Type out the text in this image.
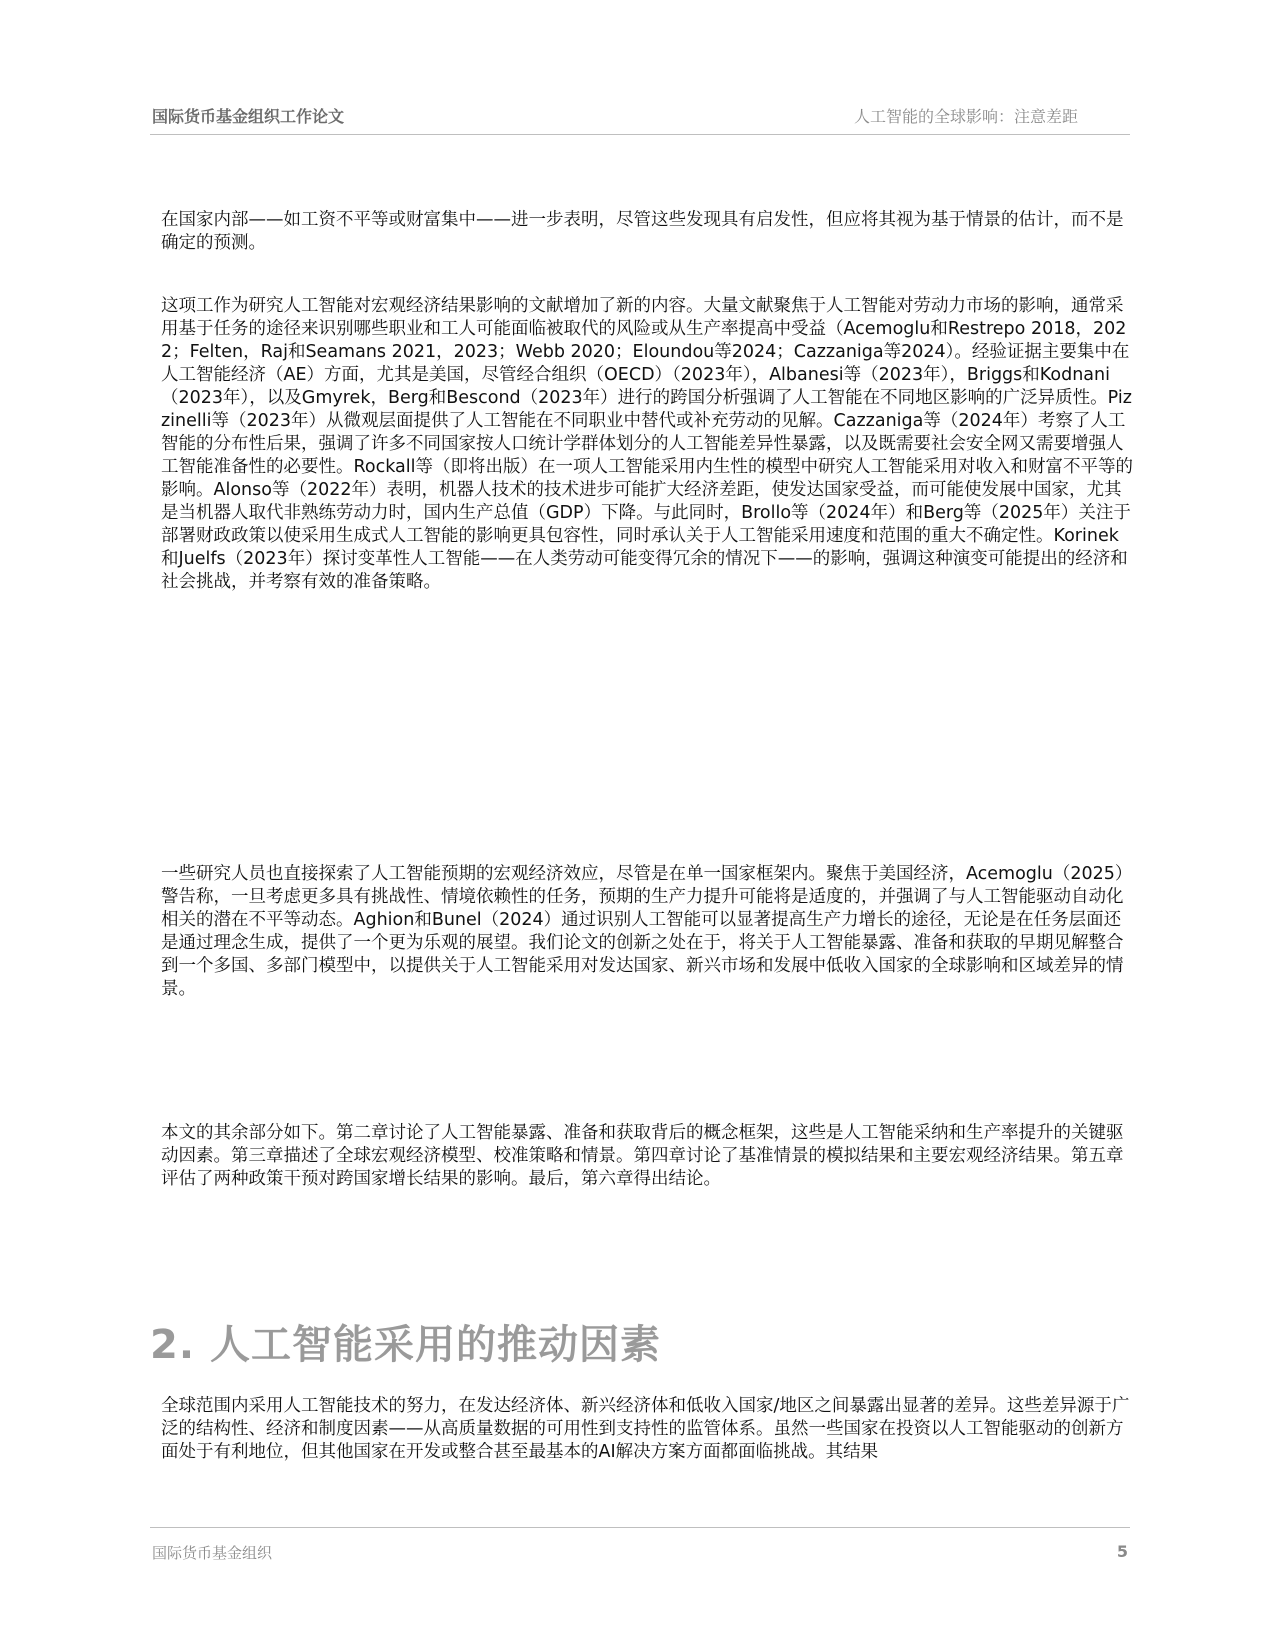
国际货币基金组织工作论文	人工智能的全球影响：注意差距

在国家内部——如工资不平等或财富集中——进一步表明，尽管这些发现具有启发性，但应将其视为基于情景的估计，而不是确定的预测。

这项工作为研究人工智能对宏观经济结果影响的文献增加了新的内容。大量文献聚焦于人工智能对劳动力市场的影响，通常采用基于任务的途径来识别哪些职业和工人可能面临被取代的风险或从生产率提高中受益（Acemoglu和Restrepo 2018，2022；Felten，Raj和Seamans 2021，2023；Webb 2020；Eloundou等2024；Cazzaniga等2024）。经验证据主要集中在人工智能经济（AE）方面，尤其是美国，尽管经合组织（OECD）（2023年），Albanesi等（2023年），Briggs和Kodnani（2023年），以及Gmyrek，Berg和Bescond（2023年）进行的跨国分析强调了人工智能在不同地区影响的广泛异质性。Pizzinelli等（2023年）从微观层面提供了人工智能在不同职业中替代或补充劳动的见解。Cazzaniga等（2024年）考察了人工智能的分布性后果，强调了许多不同国家按人口统计学群体划分的人工智能差异性暴露，以及既需要社会安全网又需要增强人工智能准备性的必要性。Rockall等（即将出版）在一项人工智能采用内生性的模型中研究人工智能采用对收入和财富不平等的影响。Alonso等（2022年）表明，机器人技术的技术进步可能扩大经济差距，使发达国家受益，而可能使发展中国家，尤其是当机器人取代非熟练劳动力时，国内生产总值（GDP）下降。与此同时，Brollo等（2024年）和Berg等（2025年）关注于部署财政政策以使采用生成式人工智能的影响更具包容性，同时承认关于人工智能采用速度和范围的重大不确定性。Korinek和Juelfs（2023年）探讨变革性人工智能——在人类劳动可能变得冗余的情况下——的影响，强调这种演变可能提出的经济和社会挑战，并考察有效的准备策略。

一些研究人员也直接探索了人工智能预期的宏观经济效应，尽管是在单一国家框架内。聚焦于美国经济，Acemoglu（2025）警告称，一旦考虑更多具有挑战性、情境依赖性的任务，预期的生产力提升可能将是适度的，并强调了与人工智能驱动自动化相关的潜在不平等动态。Aghion和Bunel（2024）通过识别人工智能可以显著提高生产力增长的途径，无论是在任务层面还是通过理念生成，提供了一个更为乐观的展望。我们论文的创新之处在于，将关于人工智能暴露、准备和获取的早期见解整合到一个多国、多部门模型中，以提供关于人工智能采用对发达国家、新兴市场和发展中低收入国家的全球影响和区域差异的情景。

本文的其余部分如下。第二章讨论了人工智能暴露、准备和获取背后的概念框架，这些是人工智能采纳和生产率提升的关键驱动因素。第三章描述了全球宏观经济模型、校准策略和情景。第四章讨论了基准情景的模拟结果和主要宏观经济结果。第五章评估了两种政策干预对跨国家增长结果的影响。最后，第六章得出结论。

2. 人工智能采用的推动因素

全球范围内采用人工智能技术的努力，在发达经济体、新兴经济体和低收入国家/地区之间暴露出显著的差异。这些差异源于广泛的结构性、经济和制度因素——从高质量数据的可用性到支持性的监管体系。虽然一些国家在投资以人工智能驱动的创新方面处于有利地位，但其他国家在开发或整合甚至最基本的AI解决方案方面都面临挑战。其结果

国际货币基金组织	5
